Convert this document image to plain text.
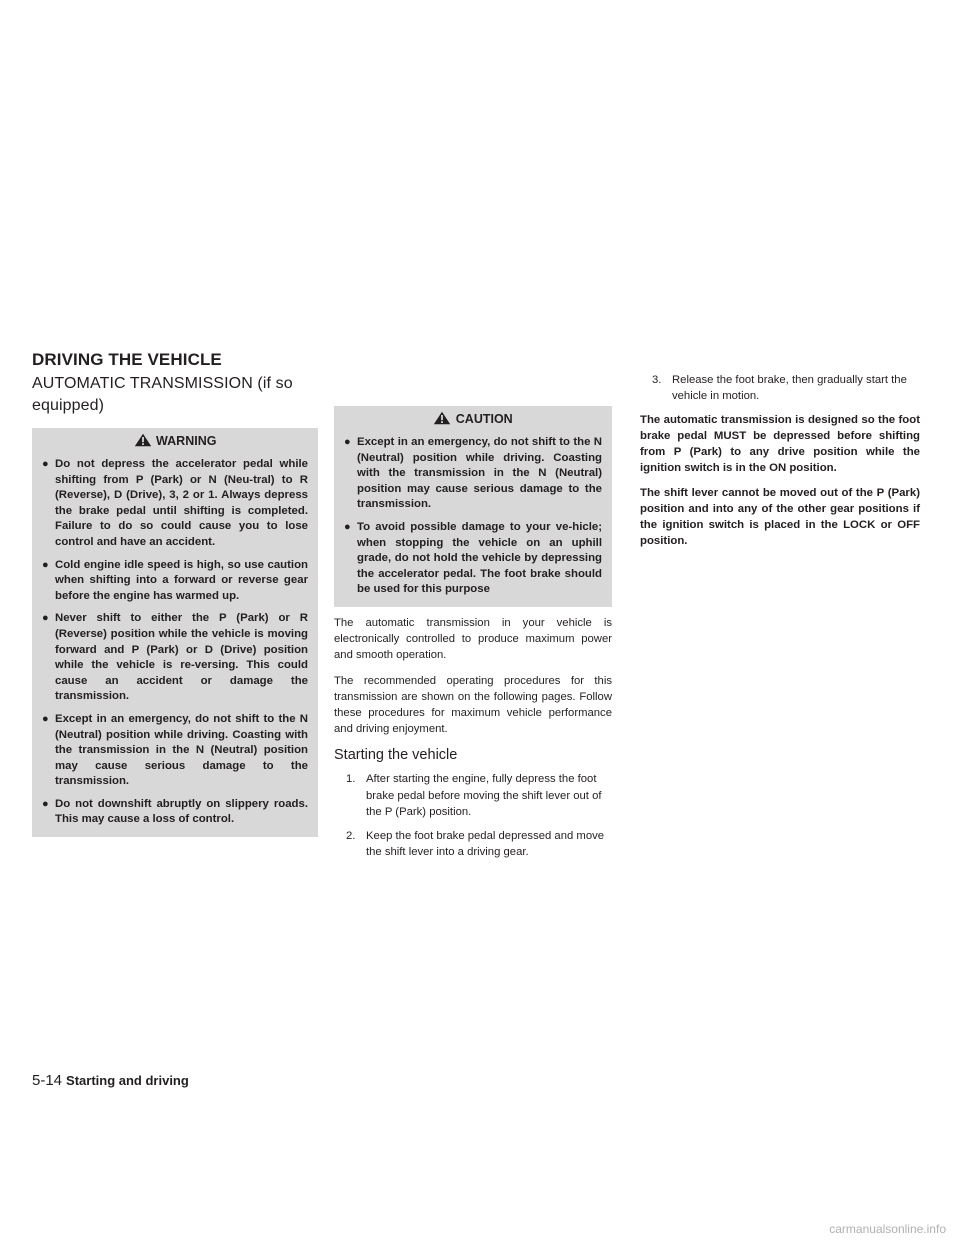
DRIVING THE VEHICLE
AUTOMATIC TRANSMISSION (if so equipped)
WARNING
● Do not depress the accelerator pedal while shifting from P (Park) or N (Neu-tral) to R (Reverse), D (Drive), 3, 2 or 1. Always depress the brake pedal until shifting is completed. Failure to do so could cause you to lose control and have an accident.
● Cold engine idle speed is high, so use caution when shifting into a forward or reverse gear before the engine has warmed up.
● Never shift to either the P (Park) or R (Reverse) position while the vehicle is moving forward and P (Park) or D (Drive) position while the vehicle is re-versing. This could cause an accident or damage the transmission.
● Except in an emergency, do not shift to the N (Neutral) position while driving. Coasting with the transmission in the N (Neutral) position may cause serious damage to the transmission.
● Do not downshift abruptly on slippery roads. This may cause a loss of control.
CAUTION
● Except in an emergency, do not shift to the N (Neutral) position while driving. Coasting with the transmission in the N (Neutral) position may cause serious damage to the transmission.
● To avoid possible damage to your ve-hicle; when stopping the vehicle on an uphill grade, do not hold the vehicle by depressing the accelerator pedal. The foot brake should be used for this purpose

The automatic transmission in your vehicle is electronically controlled to produce maximum power and smooth operation.

The recommended operating procedures for this transmission are shown on the following pages. Follow these procedures for maximum vehicle performance and driving enjoyment.

Starting the vehicle
1. After starting the engine, fully depress the foot brake pedal before moving the shift lever out of the P (Park) position.
2. Keep the foot brake pedal depressed and move the shift lever into a driving gear.
3. Release the foot brake, then gradually start the vehicle in motion.

The automatic transmission is designed so the foot brake pedal MUST be depressed before shifting from P (Park) to any drive position while the ignition switch is in the ON position.

The shift lever cannot be moved out of the P (Park) position and into any of the other gear positions if the ignition switch is placed in the LOCK or OFF position.

5-14 Starting and driving
carmanualsonline.info
